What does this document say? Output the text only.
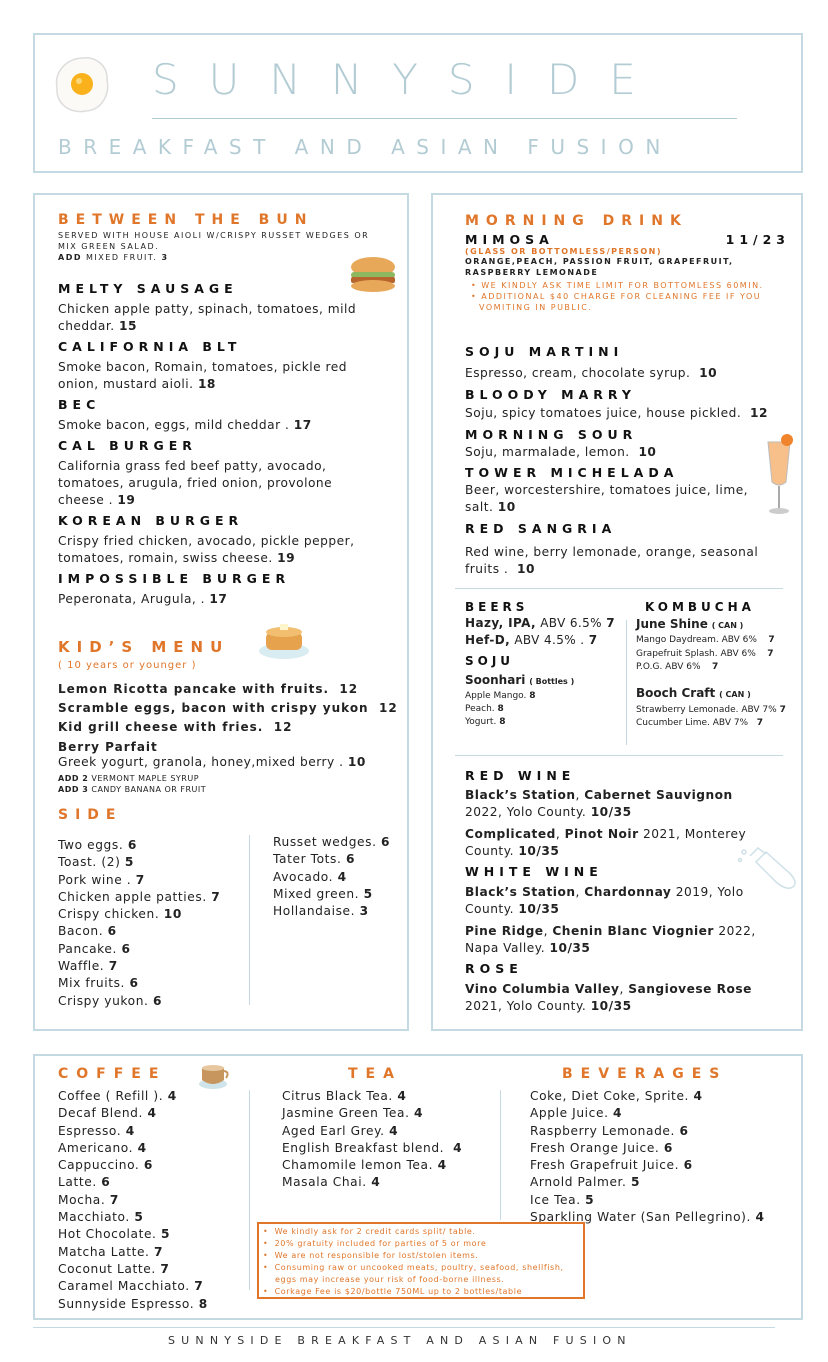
SUNNYSIDE
BREAKFAST AND ASIAN FUSION
BETWEEN THE BUN
SERVED WITH HOUSE AIOLI W/CRISPY RUSSET WEDGES OR MIX GREEN SALAD.
ADD MIXED FRUIT. 3
MELTY SAUSAGE
Chicken apple patty, spinach, tomatoes, mild cheddar. 15
CALIFORNIA BLT
Smoke bacon, Romain, tomatoes, pickle red onion, mustard aioli. 18
BEC
Smoke bacon, eggs, mild cheddar . 17
CAL BURGER
California grass fed beef patty, avocado, tomatoes, arugula, fried onion, provolone cheese . 19
KOREAN BURGER
Crispy fried chicken, avocado, pickle pepper, tomatoes, romain, swiss cheese. 19
IMPOSSIBLE BURGER
Peperonata, Arugula, . 17
KID’S MENU
( 10 years or younger )
Lemon Ricotta pancake with fruits. 12
Scramble eggs, bacon with crispy yukon 12
Kid grill cheese with fries. 12
Berry Parfait
Greek yogurt, granola, honey,mixed berry . 10
ADD 2 VERMONT MAPLE SYRUP
ADD 3 CANDY BANANA OR FRUIT
SIDE
Two eggs. 6
Toast. (2) 5
Pork wine . 7
Chicken apple patties. 7
Crispy chicken. 10
Bacon. 6
Pancake. 6
Waffle. 7
Mix fruits. 6
Crispy yukon. 6
Russet wedges. 6
Tater Tots. 6
Avocado. 4
Mixed green. 5
Hollandaise. 3
MORNING DRINK
MIMOSA	11/23
(GLASS OR BOTTOMLESS/PERSON)
ORANGE,PEACH, PASSION FRUIT, GRAPEFRUIT, RASPBERRY LEMONADE
• WE KINDLY ASK TIME LIMIT FOR BOTTOMLESS 60MIN.
• ADDITIONAL $40 CHARGE FOR CLEANING FEE IF YOU VOMITING IN PUBLIC.
SOJU MARTINI
Espresso, cream, chocolate syrup. 10
BLOODY MARRY
Soju, spicy tomatoes juice, house pickled. 12
MORNING SOUR
Soju, marmalade, lemon. 10
TOWER MICHELADA
Beer, worcestershire, tomatoes juice, lime, salt. 10
RED SANGRIA
Red wine, berry lemonade, orange, seasonal fruits . 10
BEERS
Hazy, IPA, ABV 6.5% 7
Hef-D, ABV 4.5% . 7
SOJU
Soonhari ( Bottles )
Apple Mango. 8
Peach. 8
Yogurt. 8
KOMBUCHA
June Shine ( CAN )
Mango Daydream. ABV 6% 7
Grapefruit Splash. ABV 6% 7
P.O.G. ABV 6% 7
Booch Craft ( CAN )
Strawberry Lemonade. ABV 7% 7
Cucumber Lime. ABV 7% 7
RED WINE
Black’s Station, Cabernet Sauvignon 2022, Yolo County. 10/35
Complicated, Pinot Noir 2021, Monterey County. 10/35
WHITE WINE
Black’s Station, Chardonnay 2019, Yolo County. 10/35
Pine Ridge, Chenin Blanc Viognier 2022, Napa Valley. 10/35
ROSE
Vino Columbia Valley, Sangiovese Rose 2021, Yolo County. 10/35
COFFEE
Coffee ( Refill ). 4
Decaf Blend. 4
Espresso. 4
Americano. 4
Cappuccino. 6
Latte. 6
Mocha. 7
Macchiato. 5
Hot Chocolate. 5
Matcha Latte. 7
Coconut Latte. 7
Caramel Macchiato. 7
Sunnyside Espresso. 8
TEA
Citrus Black Tea. 4
Jasmine Green Tea. 4
Aged Earl Grey. 4
English Breakfast blend. 4
Chamomile lemon Tea. 4
Masala Chai. 4
BEVERAGES
Coke, Diet Coke, Sprite. 4
Apple Juice. 4
Raspberry Lemonade. 6
Fresh Orange Juice. 6
Fresh Grapefruit Juice. 6
Arnold Palmer. 5
Ice Tea. 5
Sparkling Water (San Pellegrino). 4
•  We kindly ask for 2 credit cards split/ table.
•  20% gratuity included for parties of 5 or more
•  We are not responsible for lost/stolen items.
•  Consuming raw or uncooked meats, poultry, seafood, shellfish, eggs may increase your risk of food-borne illness.
•  Corkage Fee is $20/bottle 750ML up to 2 bottles/table
SUNNYSIDE BREAKFAST AND ASIAN FUSION
